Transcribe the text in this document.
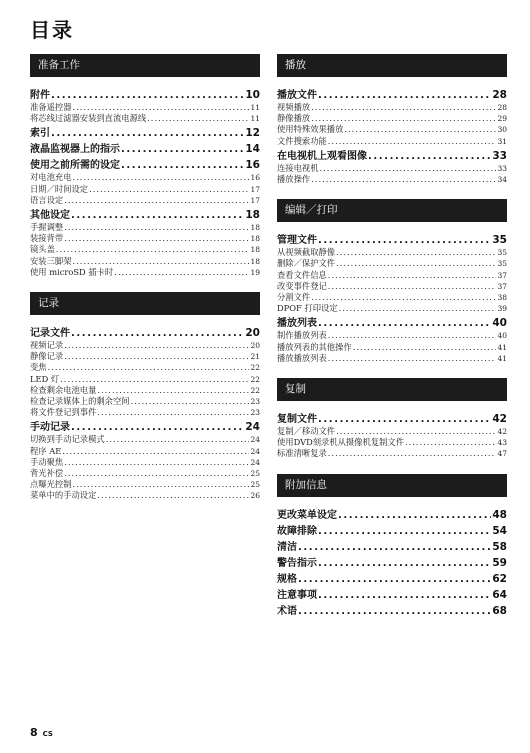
目录
准备工作
附件 .....	10
准备遥控器 .....	11
将芯线过滤器安装到直流电源线 .....	11
索引 .....	12
液晶监视器上的指示 .....	14
使用之前所需的设定 .....	16
对电池充电 .....	16
日期／时间设定 .....	17
语言设定 .....	17
其他设定 .....	18
手握调整 .....	18
装接背带 .....	18
镜头盖 .....	18
安装三脚架 .....	18
使用 microSD 插卡时 .....	19
记录
记录文件 .....	20
视频记录 .....	20
静像记录 .....	21
变焦 .....	22
LED 灯 .....	22
检查剩余电池电量 .....	22
检查记录媒体上的剩余空间 .....	23
将文件登记到事件 .....	23
手动记录 .....	24
切换到手动记录模式 .....	24
程序 AE .....	24
手动聚焦 .....	24
背光补偿 .....	25
点曝光控制 .....	25
菜单中的手动设定 .....	26
播放
播放文件 .....	28
视频播放 .....	28
静像播放 .....	29
使用特殊效果播放 .....	30
文件搜索功能 .....	31
在电视机上观看图像 .....	33
连接电视机 .....	33
播放操作 .....	34
编辑／打印
管理文件 .....	35
从视频截取静像 .....	35
删除／保护文件 .....	35
查看文件信息 .....	37
改变事件登记 .....	37
分割文件 .....	38
DPOF 打印设定 .....	39
播放列表 .....	40
制作播放列表 .....	40
播放列表的其他操作 .....	41
播放播放列表 .....	41
复制
复制文件 .....	42
复制／移动文件 .....	42
使用DVD刻录机从摄像机复制文件 .....	43
标准清晰复录 .....	47
附加信息
更改菜单设定 .....	48
故障排除 .....	54
清洁 .....	58
警告指示 .....	59
规格 .....	62
注意事项 .....	64
术语 .....	68
8 CS
